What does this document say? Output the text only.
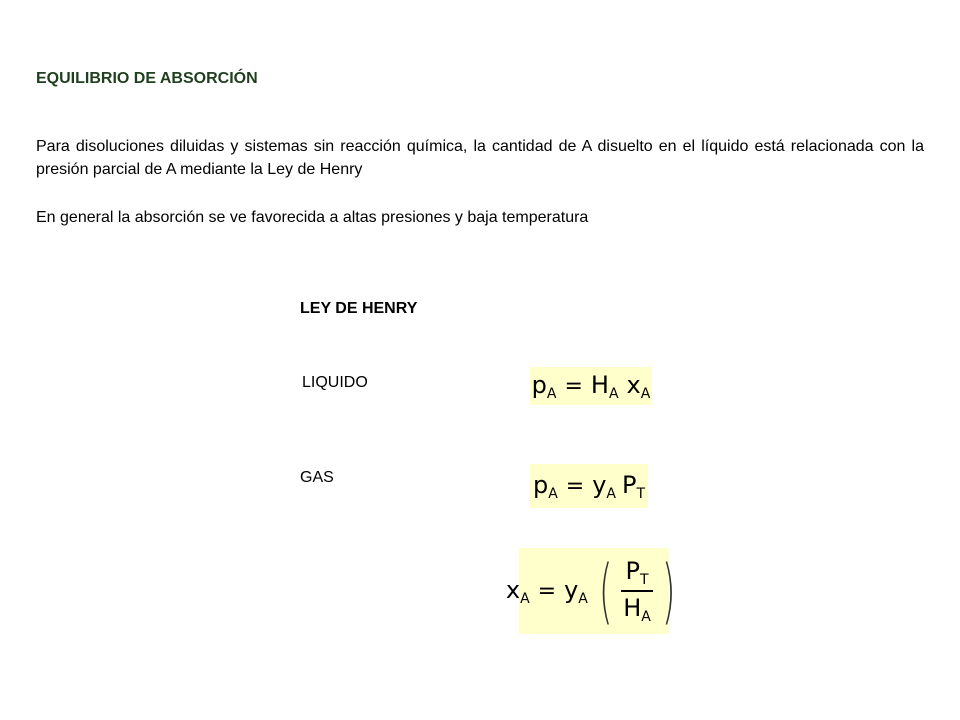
EQUILIBRIO DE ABSORCIÓN
Para disoluciones diluidas y sistemas sin reacción química, la cantidad de A disuelto en el líquido está relacionada con la presión parcial de A mediante la Ley de Henry
En general la absorción se ve favorecida a altas presiones y baja temperatura
LEY DE HENRY
LIQUIDO
GAS
$p_A = H_A$ $x_A$
$p_A = y_A$ $P_T$
$x_A = y_A$ ( $\frac{P_T}{H_A}$ )
